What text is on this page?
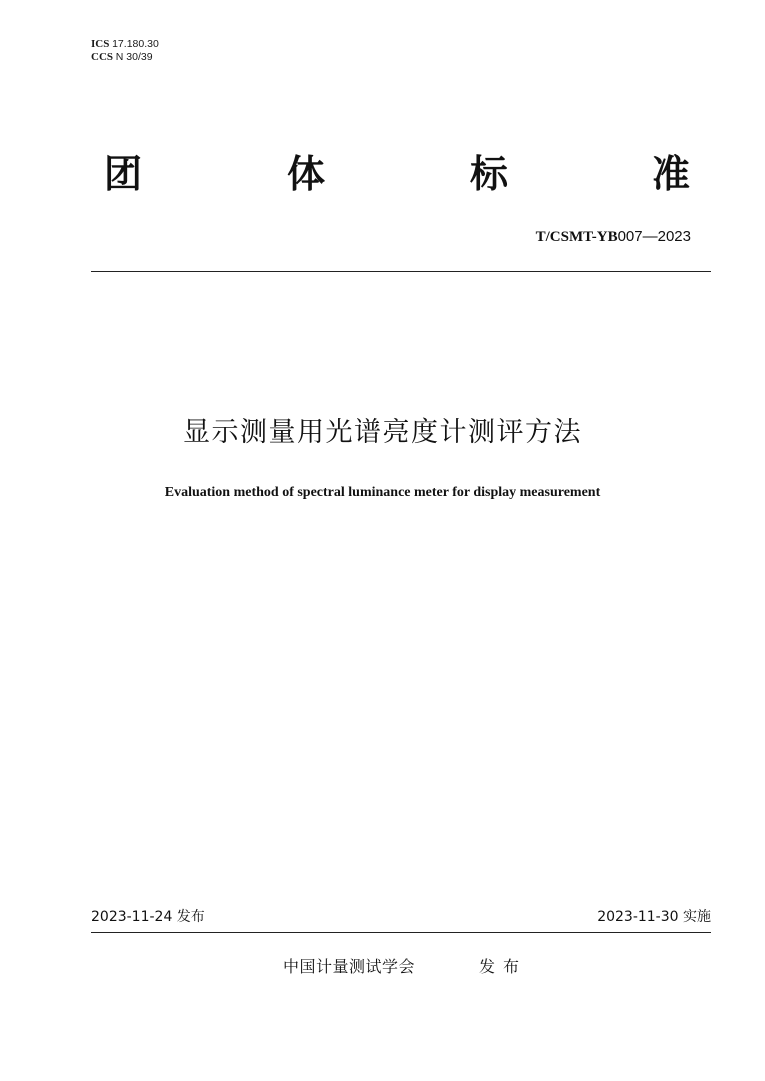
ICS 17.180.30
CCS N 30/39
团	体	标	准
T/CSMT-YB007—2023
显示测量用光谱亮度计测评方法
Evaluation method of spectral luminance meter for display measurement
2023-11-24 发布	2023-11-30 实施
中国计量测试学会	发布
